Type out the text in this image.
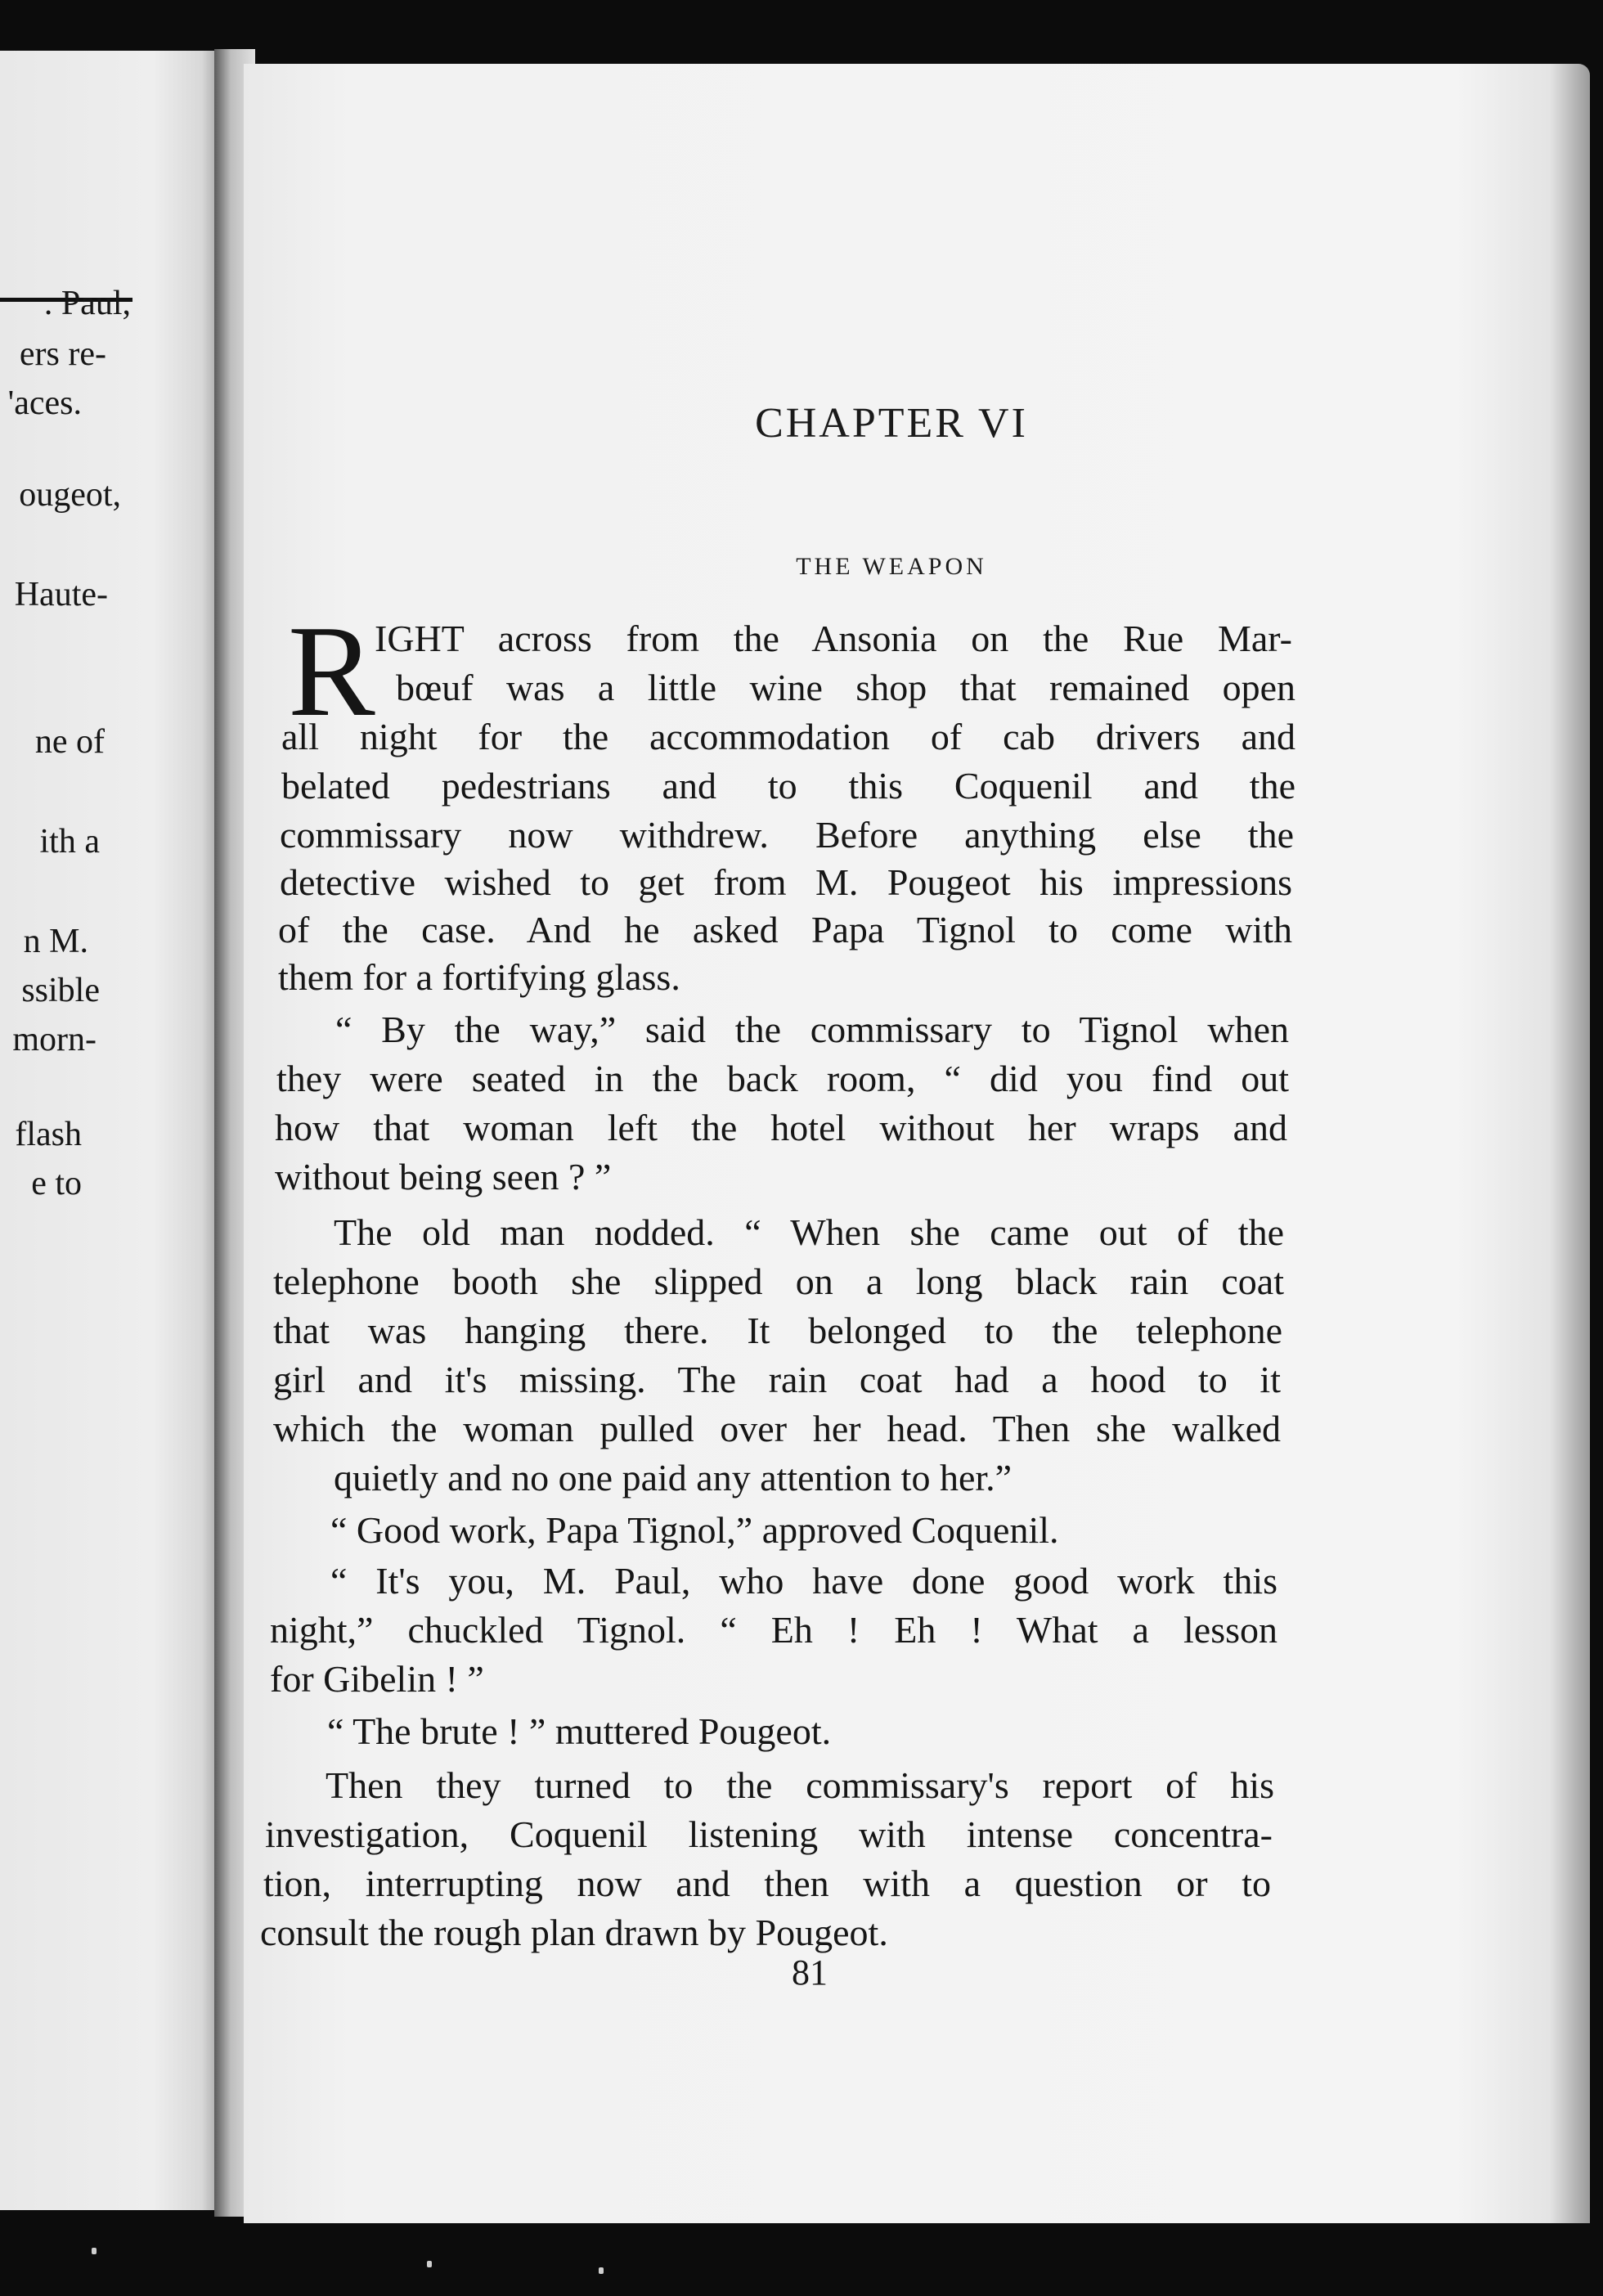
. Paul,
ers re-
'aces.
ougeot,
Haute-
ne of
ith a
n M.
ssible
morn-
flash
e to
CHAPTER VI
THE WEAPON
R IGHT across from the Ansonia on the Rue Mar-
bœuf was a little wine shop that remained open
all night for the accommodation of cab drivers and
belated pedestrians and to this Coquenil and the
commissary now withdrew. Before anything else the
detective wished to get from M. Pougeot his impressions
of the case. And he asked Papa Tignol to come with
them for a fortifying glass.
“ By the way,” said the commissary to Tignol when
they were seated in the back room, “ did you find out
how that woman left the hotel without her wraps and
without being seen ? ”
The old man nodded. “ When she came out of the
telephone booth she slipped on a long black rain coat
that was hanging there. It belonged to the telephone
girl and it's missing. The rain coat had a hood to it
which the woman pulled over her head. Then she walked
quietly and no one paid any attention to her.”
“ Good work, Papa Tignol,” approved Coquenil.
“ It's you, M. Paul, who have done good work this
night,” chuckled Tignol. “ Eh ! Eh ! What a lesson
for Gibelin ! ”
“ The brute ! ” muttered Pougeot.
Then they turned to the commissary's report of his
investigation, Coquenil listening with intense concentra-
tion, interrupting now and then with a question or to
consult the rough plan drawn by Pougeot.
81
